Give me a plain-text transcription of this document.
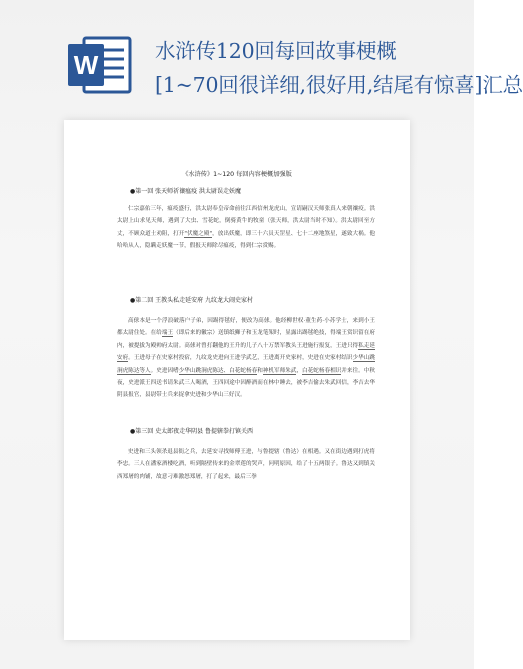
W	水浒传120回每回故事梗概
[1~70回很详细,很好用,结尾有惊喜]汇总
《水浒传》1~120 每回内容梗概加强版
●第一回 张天师祈禳瘟疫 洪太尉误走妖魔

仁宗嘉佑三年，瘟疫盛行，洪太尉奉皇帝命前往江西信州龙虎山，宣请嗣汉天师张真人来朝禳疫。洪太尉上山求见天师，遇到了大虫、雪花蛇，倒骑黄牛的牧童（张天师，洪太尉当时不知）。洪太尉回至方丈，不顾众道士劝阻，打开"伏魔之殿"，放出妖魔，即三十六员天罡星、七十二座地煞星，遂致大祸。他哈哈从人，隐瞒走妖魔一节，假报天师除尽瘟疫，得到仁宗赏赐。

●第二回 王教头私走延安府 九纹龙大闹史家村

高俅本是一个浮浪破落户子弟，因踢得毬好，便改为高俅。他经柳世权·董生药·小苏学士，来到小王都太尉住处。在给端王（即后来的徽宗）送镇纸狮子和玉龙笔架时，显露出踢毬绝技，得端王赏识留在府内，被提拔为殿帅府太尉。高俅对曾打翻他的王升的儿子八十万禁军教头王进施行报复，王进只得私走延安府。王进母子在史家村投宿，九纹龙史进向王进学武艺，王进离开史家村，史进在史家村结识少华山跳涧虎陈达等人。史进因嗜少华山跳涧虎陈达、白花蛇杨春和神机军师朱武，白花蛇杨春相识并来往。中秋夜，史进派王四送书请朱武三人喝酒，王四回途中因醉酒而在林中睡去，被李吉偷去朱武回信，李吉去华阴县报官，县尉带士兵来捉拿史进和少华山三好汉。

●第三回 史太郎夜走华阴县 鲁提辖拳打镇关西

史进和三头领杀退县衙之兵，去延安寻找师傅王进，与鲁提辖（鲁达）在相遇。又在街边遇到打虎将李忠。三人在潘家酒楼吃酒，听到隔壁传来的金翠莲的哭声，问明原因，给了十五两银子。鲁达又到镇关西郑屠的肉铺，故意刁难激怒郑屠，打了起来，最后三拳
